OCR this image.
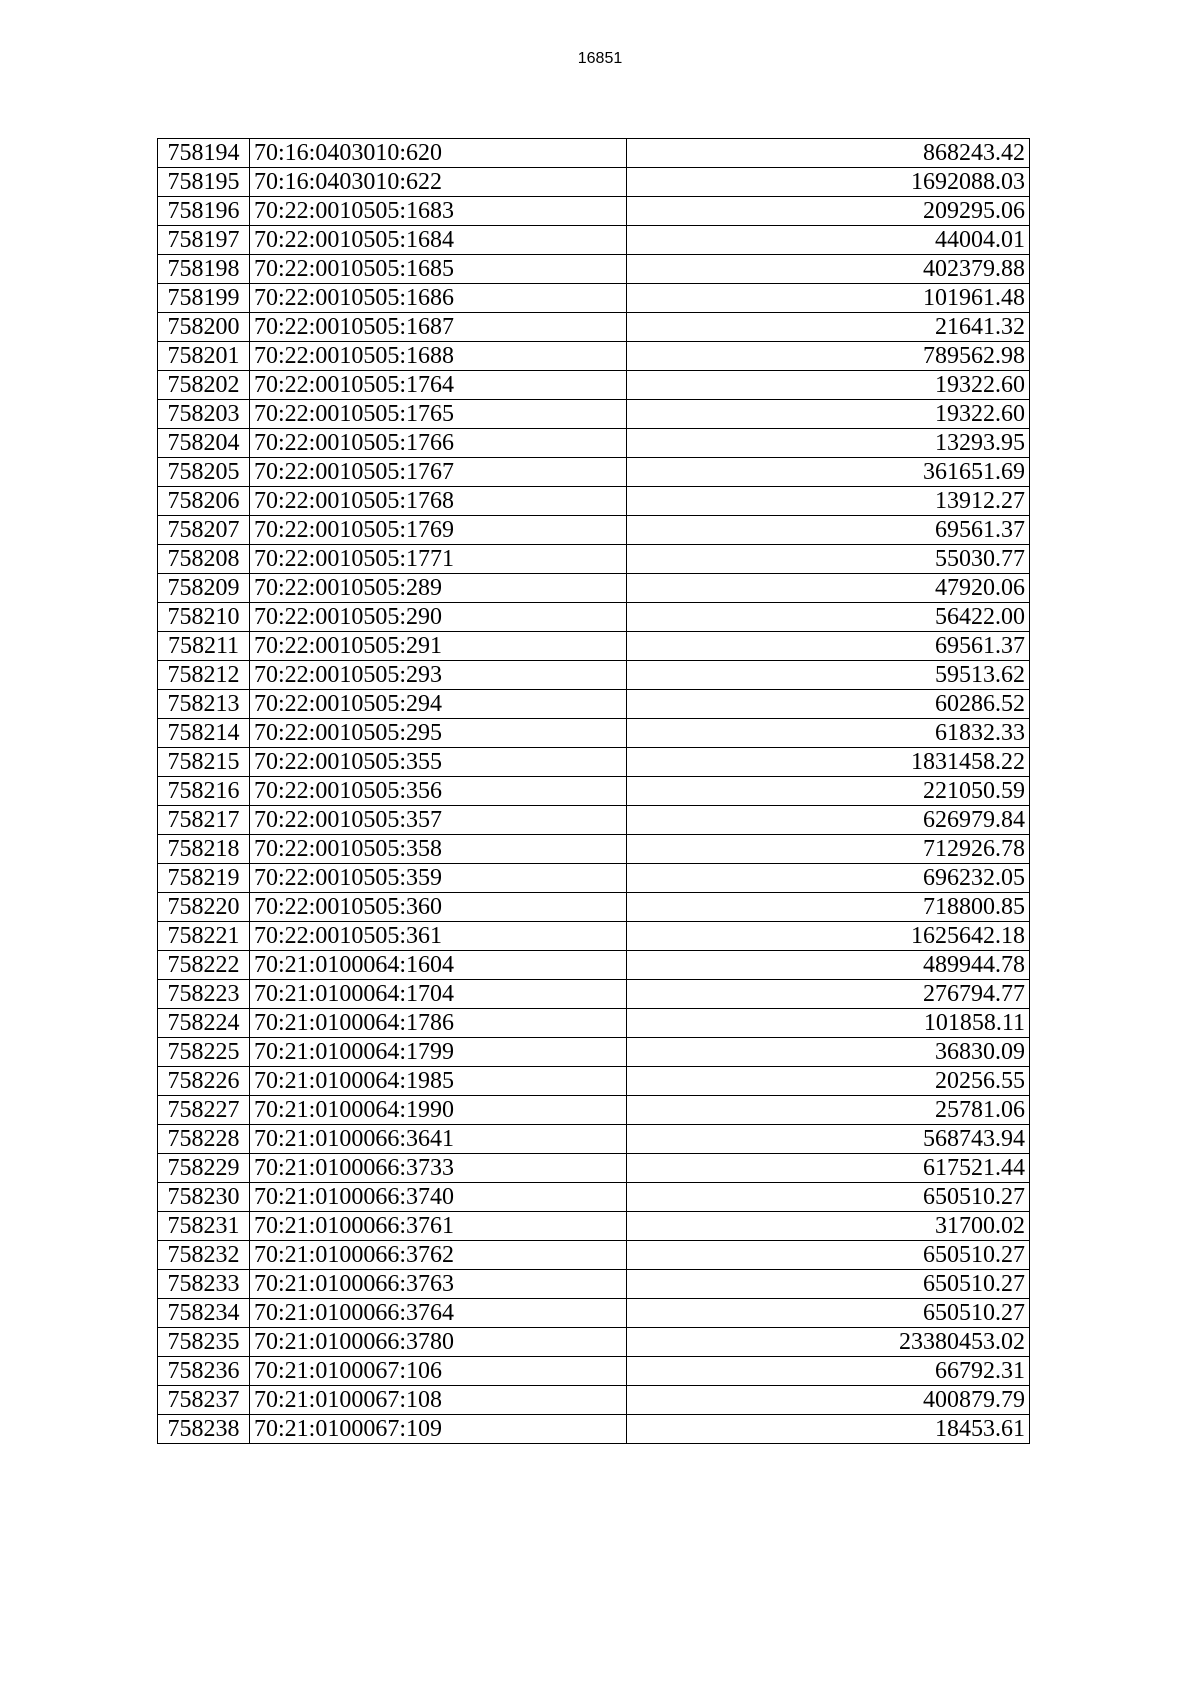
16851
758194	70:16:0403010:620	868243.42
758195	70:16:0403010:622	1692088.03
758196	70:22:0010505:1683	209295.06
758197	70:22:0010505:1684	44004.01
758198	70:22:0010505:1685	402379.88
758199	70:22:0010505:1686	101961.48
758200	70:22:0010505:1687	21641.32
758201	70:22:0010505:1688	789562.98
758202	70:22:0010505:1764	19322.60
758203	70:22:0010505:1765	19322.60
758204	70:22:0010505:1766	13293.95
758205	70:22:0010505:1767	361651.69
758206	70:22:0010505:1768	13912.27
758207	70:22:0010505:1769	69561.37
758208	70:22:0010505:1771	55030.77
758209	70:22:0010505:289	47920.06
758210	70:22:0010505:290	56422.00
758211	70:22:0010505:291	69561.37
758212	70:22:0010505:293	59513.62
758213	70:22:0010505:294	60286.52
758214	70:22:0010505:295	61832.33
758215	70:22:0010505:355	1831458.22
758216	70:22:0010505:356	221050.59
758217	70:22:0010505:357	626979.84
758218	70:22:0010505:358	712926.78
758219	70:22:0010505:359	696232.05
758220	70:22:0010505:360	718800.85
758221	70:22:0010505:361	1625642.18
758222	70:21:0100064:1604	489944.78
758223	70:21:0100064:1704	276794.77
758224	70:21:0100064:1786	101858.11
758225	70:21:0100064:1799	36830.09
758226	70:21:0100064:1985	20256.55
758227	70:21:0100064:1990	25781.06
758228	70:21:0100066:3641	568743.94
758229	70:21:0100066:3733	617521.44
758230	70:21:0100066:3740	650510.27
758231	70:21:0100066:3761	31700.02
758232	70:21:0100066:3762	650510.27
758233	70:21:0100066:3763	650510.27
758234	70:21:0100066:3764	650510.27
758235	70:21:0100066:3780	23380453.02
758236	70:21:0100067:106	66792.31
758237	70:21:0100067:108	400879.79
758238	70:21:0100067:109	18453.61
